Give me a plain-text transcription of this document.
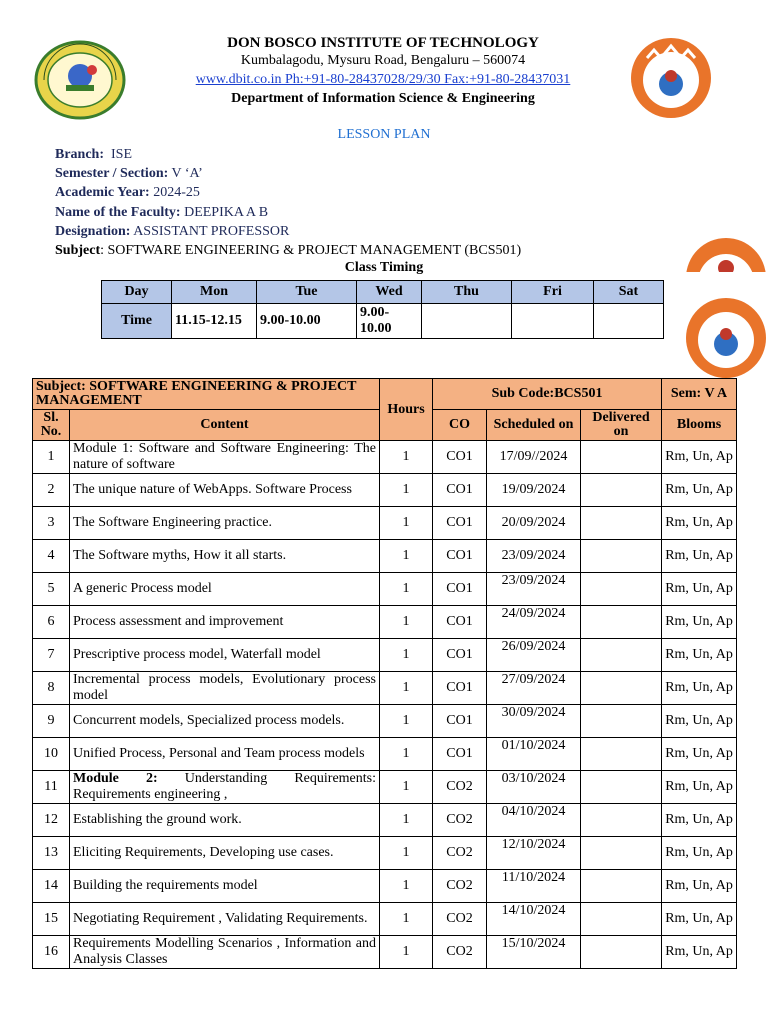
DON BOSCO INSTITUTE OF TECHNOLOGY
Kumbalagodu, Mysuru Road, Bengaluru – 560074
www.dbit.co.in Ph:+91-80-28437028/29/30 Fax:+91-80-28437031
Department of Information Science & Engineering
LESSON PLAN
Branch: ISE
Semester / Section: V ‘A’
Academic Year: 2024-25
Name of the Faculty: DEEPIKA A B
Designation: ASSISTANT PROFESSOR
Subject: SOFTWARE ENGINEERING & PROJECT MANAGEMENT (BCS501)
Class Timing
Day	Mon	Tue	Wed	Thu	Fri	Sat
Time	11.15-12.15	9.00-10.00	9.00-
10.00			
Subject: SOFTWARE ENGINEERING & PROJECT MANAGEMENT		Hours	Sub Code:BCS501			Sem: V A
Sl. No.	Content		CO	Scheduled on	Delivered on	Blooms
1	Module 1: Software and Software Engineering: The nature of software	1	CO1	17/09//2024		Rm, Un, Ap
2	The unique nature of WebApps. Software Process	1	CO1	19/09/2024		Rm, Un, Ap
3	The Software Engineering practice.	1	CO1	20/09/2024		Rm, Un, Ap
4	The Software myths, How it all starts.	1	CO1	23/09/2024		Rm, Un, Ap
5	A generic Process model	1	CO1	23/09/2024		Rm, Un, Ap
6	Process assessment and improvement	1	CO1	24/09/2024		Rm, Un, Ap
7	Prescriptive process model, Waterfall model	1	CO1	26/09/2024		Rm, Un, Ap
8	Incremental process models, Evolutionary process model	1	CO1	27/09/2024		Rm, Un, Ap
9	Concurrent models, Specialized process models.	1	CO1	30/09/2024		Rm, Un, Ap
10	Unified Process, Personal and Team process models	1	CO1	01/10/2024		Rm, Un, Ap
11	Module 2: Understanding Requirements: Requirements engineering ,	1	CO2	03/10/2024		Rm, Un, Ap
12	Establishing the ground work.	1	CO2	04/10/2024		Rm, Un, Ap
13	Eliciting Requirements, Developing use cases.	1	CO2	12/10/2024		Rm, Un, Ap
14	Building the requirements model	1	CO2	11/10/2024		Rm, Un, Ap
15	Negotiating Requirement , Validating Requirements.	1	CO2	14/10/2024		Rm, Un, Ap
16	Requirements Modelling Scenarios , Information and Analysis Classes	1	CO2	15/10/2024		Rm, Un, Ap
